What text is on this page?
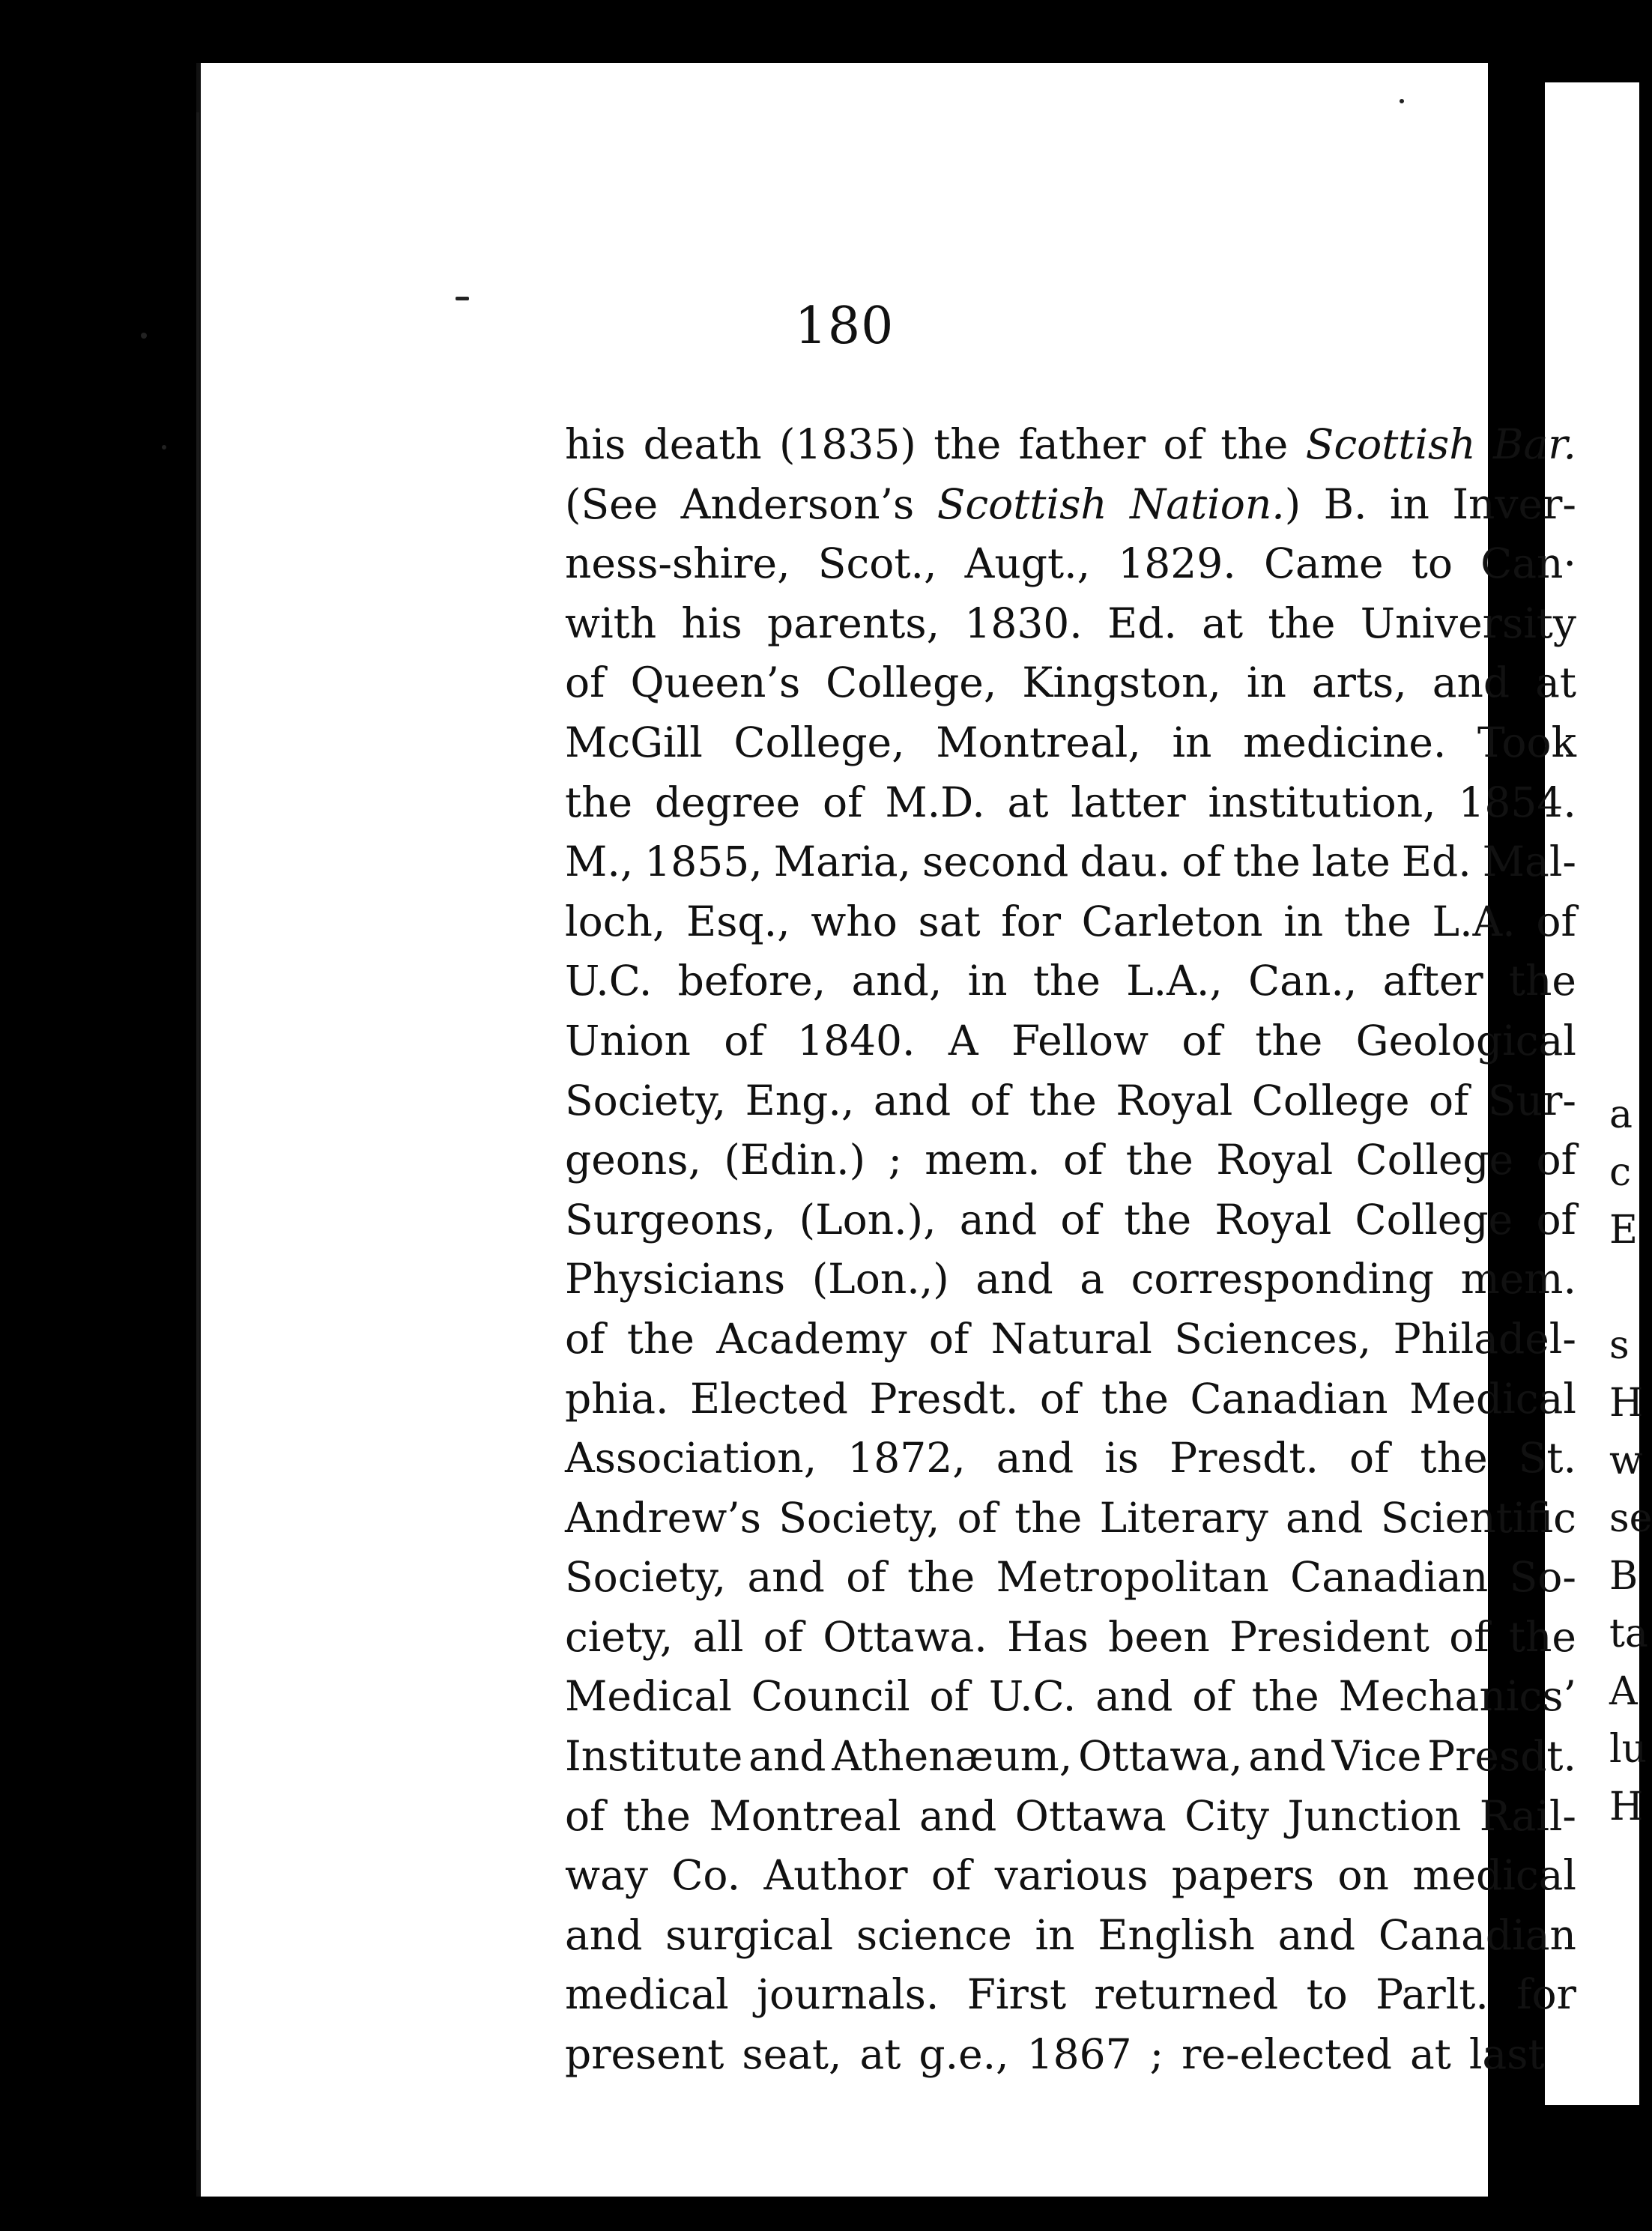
180
his death (1835) the father of the Scottish Bar.
(See Anderson’s Scottish Nation.) B. in Inver-
ness-shire, Scot., Augt., 1829. Came to Can·
with his parents, 1830. Ed. at the University
of Queen’s College, Kingston, in arts, and at
McGill College, Montreal, in medicine. Took
the degree of M.D. at latter institution, 1854.
M., 1855, Maria, second dau. of the late Ed. Mal-
loch, Esq., who sat for Carleton in the L.A. of
U.C. before, and, in the L.A., Can., after the
Union of 1840. A Fellow of the Geological
Society, Eng., and of the Royal College of Sur-
geons, (Edin.) ; mem. of the Royal College of
Surgeons, (Lon.), and of the Royal College of
Physicians (Lon.,) and a corresponding mem.
of the Academy of Natural Sciences, Philadel-
phia. Elected Presdt. of the Canadian Medical
Association, 1872, and is Presdt. of the St.
Andrew’s Society, of the Literary and Scientific
Society, and of the Metropolitan Canadian So-
ciety, all of Ottawa. Has been President of the
Medical Council of U.C. and of the Mechanics’
Institute and Athenæum, Ottawa, and Vice Presdt.
of the Montreal and Ottawa City Junction Rail-
way Co. Author of various papers on medical
and surgical science in English and Canadian
medical journals. First returned to Parlt. for
present seat, at g.e., 1867 ; re-elected at last
a
c
E

s
H
w
se
B
ta
A
lu
H
